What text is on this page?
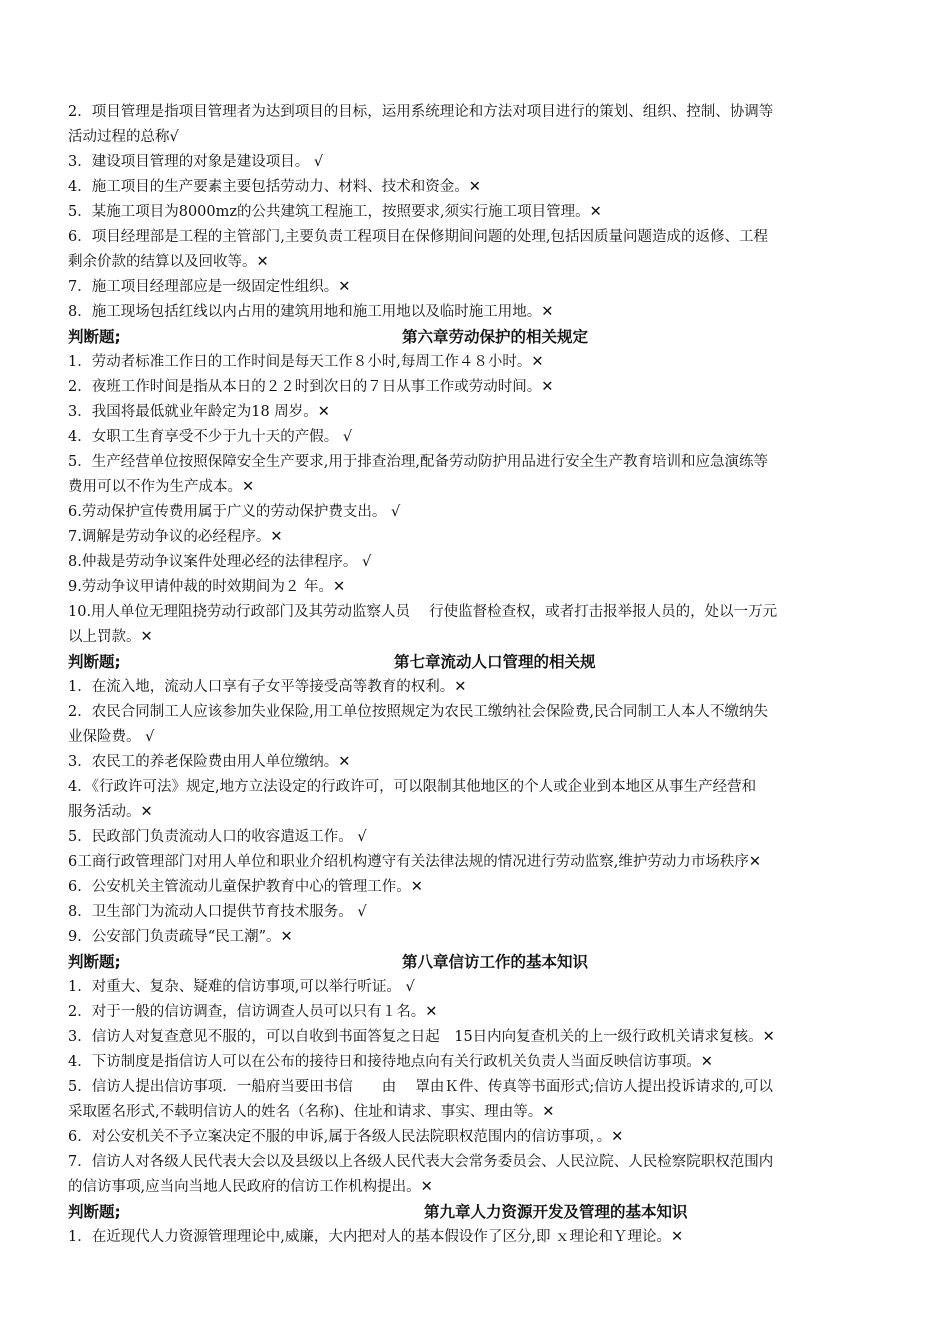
2．项目管理是指项目管理者为达到项目的目标，运用系统理论和方法对项目进行的策划、组织、控制、协调等
活动过程的总称√
3．建设项目管理的对象是建设项目。 √
4．施工项目的生产要素主要包括劳动力、材料、技术和资金。✕
5．某施工项目为8000mz的公共建筑工程施工，按照要求,须实行施工项目管理。✕
6．项目经理部是工程的主管部门,主要负责工程项目在保修期间问题的处理,包括因质量问题造成的返修、工程
剩余价款的结算以及回收等。✕
7．施工项目经理部应是一级固定性组织。✕
8．施工现场包括红线以内占用的建筑用地和施工用地以及临时施工用地。✕
判断题;	第六章劳动保护的相关规定
1．劳动者标准工作日的工作时间是每天工作８小时,每周工作４８小时。✕
2．夜班工作时间是指从本日的２２时到次日的７日从事工作或劳动时间。✕
3．我国将最低就业年龄定为18 周岁。✕
4．女职工生育享受不少于九十天的产假。 √
5．生产经营单位按照保障安全生产要求,用于排查治理,配备劳动防护用品进行安全生产教育培训和应急演练等
费用可以不作为生产成本。✕
6.劳动保护宣传费用属于广义的劳动保护费支出。 √
7.调解是劳动争议的必经程序。✕
8.仲裁是劳动争议案件处理必经的法律程序。 √
9.劳动争议甲请仲裁的时效期间为２ 年。✕
10.用人单位无理阻挠劳动行政部门及其劳动监察人员　 行使监督检查权，或者打击报举报人员的，处以一万元
以上罚款。✕
判断题;	第七章流动人口管理的相关规
1．在流入地，流动人口享有子女平等接受高等教育的权利。✕
2．农民合同制工人应该参加失业保险,用工单位按照规定为农民工缴纳社会保险费,民合同制工人本人不缴纳失
业保险费。 √
3．农民工的养老保险费由用人单位缴纳。✕
4．《行政许可法》规定,地方立法设定的行政许可，可以限制其他地区的个人或企业到本地区从事生产经营和
服务活动。✕
5．民政部门负责流动人口的收容遣返工作。 √
6工商行政管理部门对用人单位和职业介绍机构遵守有关法律法规的情况进行劳动监察,维护劳动力市场秩序✕
6．公安机关主管流动儿童保护教育中心的管理工作。✕
8．卫生部门为流动人口提供节育技术服务。 √
9．公安部门负责疏导“民工潮”。✕
判断题;	第八章信访工作的基本知识
1．对重大、复杂、疑难的信访事项,可以举行听证。 √
2．对于一般的信访调查，信访调查人员可以只有１名。✕
3．信访人对复查意见不服的，可以自收到书面答复之日起　15日内向复查机关的上一级行政机关请求复核。✕
4．下访制度是指信访人可以在公布的接待日和接待地点向有关行政机关负责人当面反映信访事项。✕
5．信访人提出信访事项．一船府当要田书信　　由　 罩由Ｋ件、传真等书面形式;信访人提出投诉请求的,可以
采取匿名形式,不载明信访人的姓名（名称)、住址和请求、事实、理由等。✕
6．对公安机关不予立案决定不服的申诉,属于各级人民法院职权范围内的信访事项，。✕
7．信访人对各级人民代表大会以及县级以上各级人民代表大会常务委员会、人民泣院、人民检察院职权范围内
的信访事项,应当向当地人民政府的信访工作机构提出。✕
判断题;	第九章人力资源开发及管理的基本知识
1．在近现代人力资源管理理论中,威廉，大内把对人的基本假设作了区分,即 ｘ理论和Ｙ理论。✕
